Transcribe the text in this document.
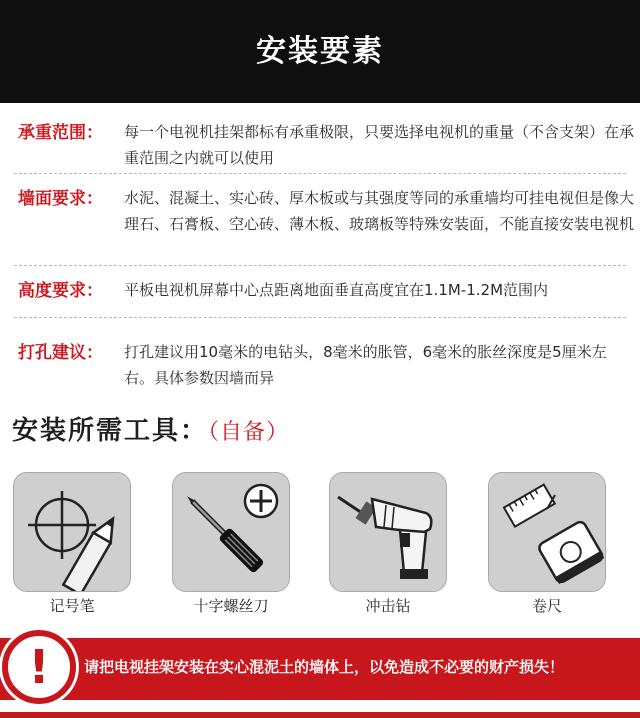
安装要素
承重范围： 每一个电视机挂架都标有承重极限，只要选择电视机的重量（不含支架）在承重范围之内就可以使用
墙面要求： 水泥、混凝土、实心砖、厚木板或与其强度等同的承重墙均可挂电视但是像大理石、石膏板、空心砖、薄木板、玻璃板等特殊安装面，不能直接安装电视机
高度要求： 平板电视机屏幕中心点距离地面垂直高度宜在1.1M-1.2M范围内
打孔建议： 打孔建议用10毫米的电钻头，8毫米的胀管，6毫米的胀丝深度是5厘米左右。具体参数因墙而异
安装所需工具：（自备）
记号笔	十字螺丝刀	冲击钻	卷尺
!	请把电视挂架安装在实心混泥土的墙体上，以免造成不必要的财产损失！
